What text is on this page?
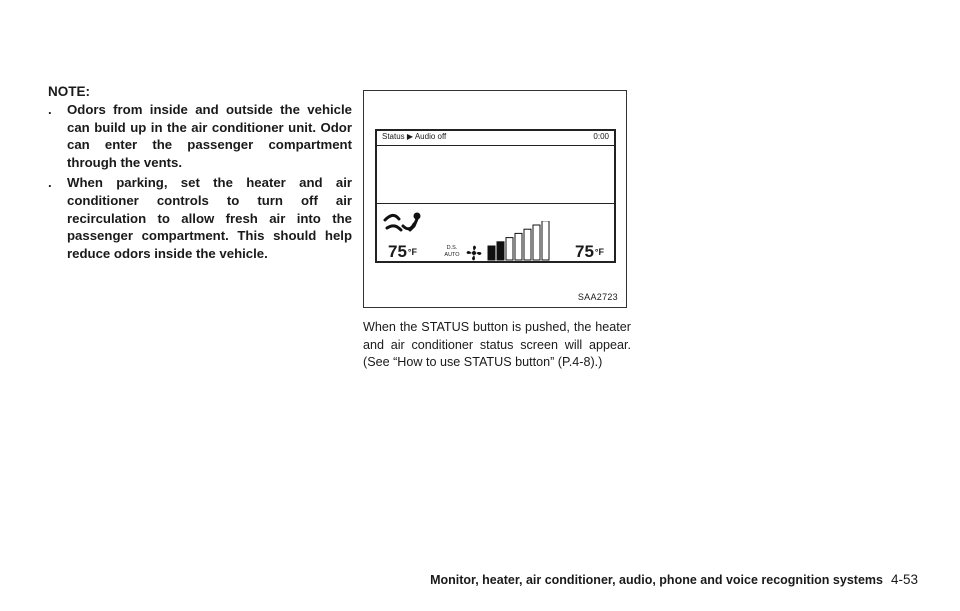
NOTE:
. Odors from inside and outside the vehicle can build up in the air conditioner unit. Odor can enter the passenger compartment through the vents.
. When parking, set the heater and air conditioner controls to turn off air recirculation to allow fresh air into the passenger compartment. This should help reduce odors inside the vehicle.
Status ▶ Audio off	0:00
$75^{^\circ F}$	D.S.
AUTO	$75^{^\circ F}$
SAA2723
When the STATUS button is pushed, the heater and air conditioner status screen will appear. (See “How to use STATUS button” (P.4-8).)
Monitor, heater, air conditioner, audio, phone and voice recognition systems 4-53
